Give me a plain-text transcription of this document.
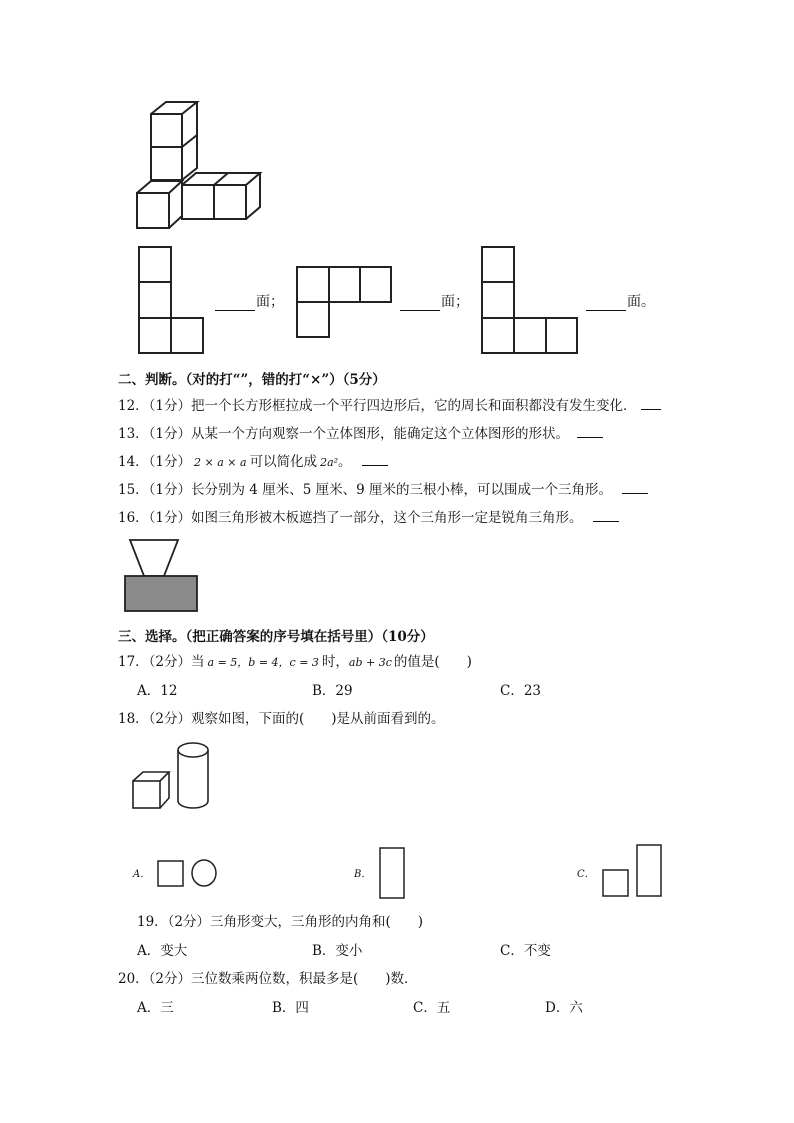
面；	面；	面。
二、判断。（对的打“”，错的打“×”）（5分）
12．（1分）把一个长方形框拉成一个平行四边形后，它的周长和面积都没有发生变化．
13．（1分）从某一个方向观察一个立体图形，能确定这个立体图形的形状。
14．（1分） 2 × a × a 可以简化成 2a²。
15．（1分）长分别为 4 厘米、5 厘米、9 厘米的三根小棒，可以围成一个三角形。
16．（1分）如图三角形被木板遮挡了一部分，这个三角形一定是锐角三角形。
三、选择。（把正确答案的序号填在括号里）（10分）
17．（2分）当 a = 5，b = 4，c = 3 时，ab + 3c 的值是(　　)
A．12	B．29	C．23
18．（2分）观察如图，下面的(　　)是从前面看到的。
A．	B．	C．
19．（2分）三角形变大，三角形的内角和(　　)
A．变大	B．变小	C．不变
20．（2分）三位数乘两位数，积最多是(　　)数．
A．三	B．四	C．五	D．六
